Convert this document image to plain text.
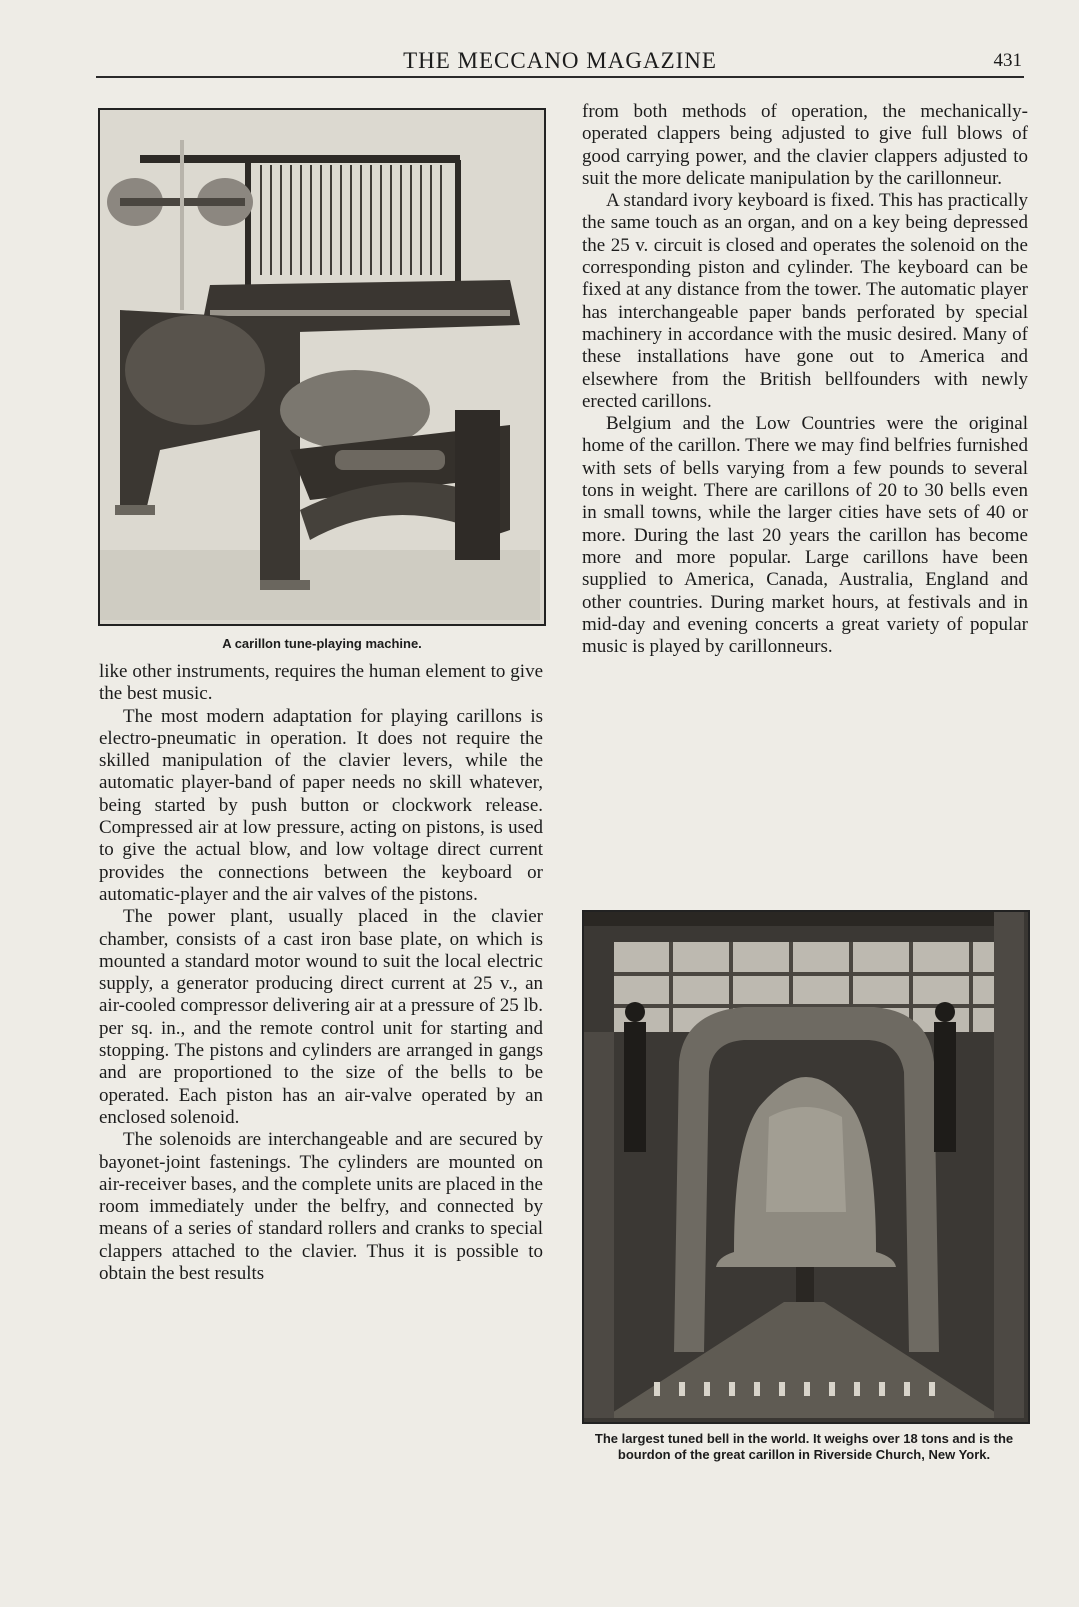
THE MECCANO MAGAZINE	431
A carillon tune-playing machine.

like other instruments, requires the human element to give the best music.

The most modern adaptation for playing carillons is electro-pneumatic in operation. It does not require the skilled manipulation of the clavier levers, while the automatic player-band of paper needs no skill whatever, being started by push button or clockwork release. Compressed air at low pressure, acting on pistons, is used to give the actual blow, and low voltage direct current provides the connections between the keyboard or automatic-player and the air valves of the pistons.

The power plant, usually placed in the clavier chamber, consists of a cast iron base plate, on which is mounted a standard motor wound to suit the local electric supply, a generator producing direct current at 25 v., an air-cooled compressor delivering air at a pressure of 25 lb. per sq. in., and the remote control unit for starting and stopping. The pistons and cylinders are arranged in gangs and are proportioned to the size of the bells to be operated. Each piston has an air-valve operated by an enclosed solenoid.

The solenoids are interchangeable and are secured by bayonet-joint fastenings. The cylinders are mounted on air-receiver bases, and the complete units are placed in the room immediately under the belfry, and connected by means of a series of standard rollers and cranks to special clappers attached to the clavier. Thus it is possible to obtain the best results

from both methods of operation, the mechanically-operated clappers being adjusted to give full blows of good carrying power, and the clavier clappers adjusted to suit the more delicate manipulation by the carillonneur.

A standard ivory keyboard is fixed. This has practically the same touch as an organ, and on a key being depressed the 25 v. circuit is closed and operates the solenoid on the corresponding piston and cylinder. The keyboard can be fixed at any distance from the tower. The automatic player has interchangeable paper bands perforated by special machinery in accordance with the music desired. Many of these installations have gone out to America and elsewhere from the British bellfounders with newly erected carillons.

Belgium and the Low Countries were the original home of the carillon. There we may find belfries furnished with sets of bells varying from a few pounds to several tons in weight. There are carillons of 20 to 30 bells even in small towns, while the larger cities have sets of 40 or more. During the last 20 years the carillon has become more and more popular. Large carillons have been supplied to America, Canada, Australia, England and other countries. During market hours, at festivals and in mid-day and evening concerts a great variety of popular music is played by carillonneurs.

The largest tuned bell in the world. It weighs over 18 tons and is the bourdon of the great carillon in Riverside Church, New York.
